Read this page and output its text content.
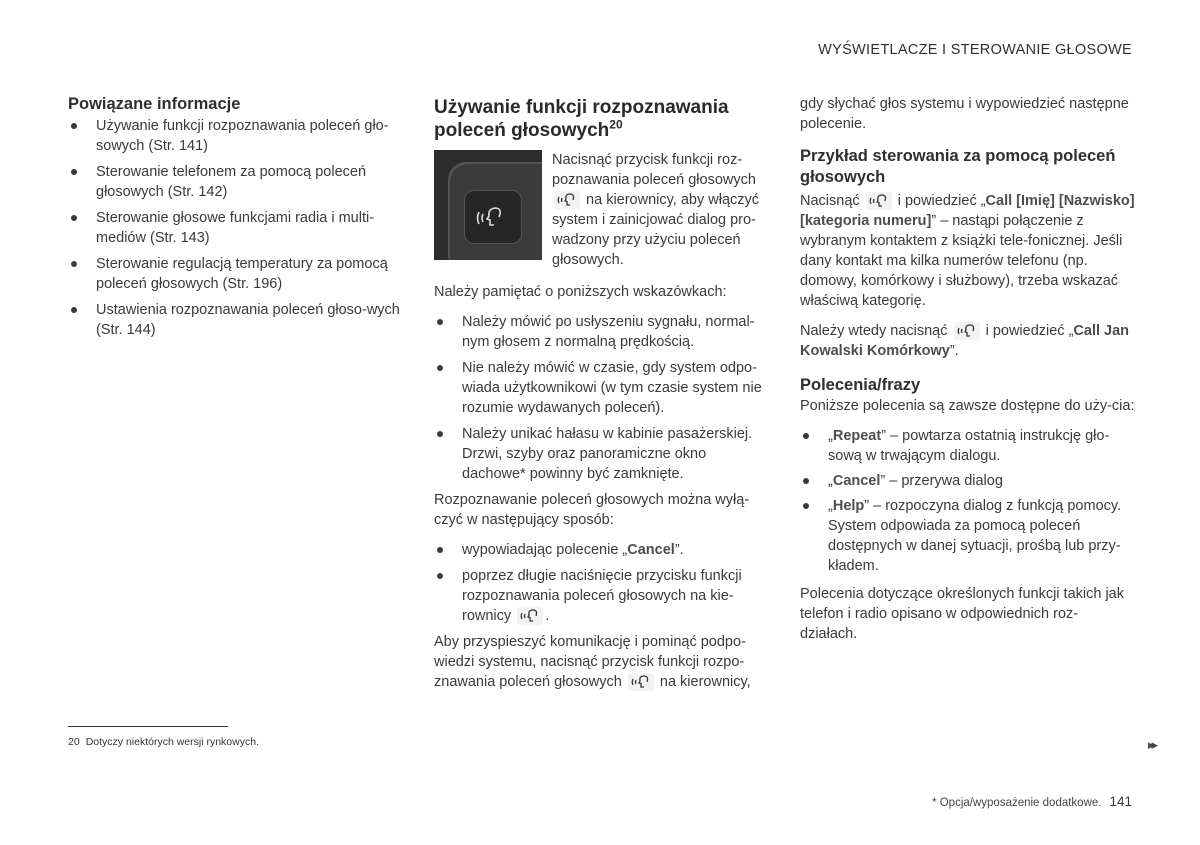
WYŚWIETLACZE I STEROWANIE GŁOSOWE
Powiązane informacje
Używanie funkcji rozpoznawania poleceń gło-sowych (Str. 141)
Sterowanie telefonem za pomocą poleceń głosowych (Str. 142)
Sterowanie głosowe funkcjami radia i multi-mediów (Str. 143)
Sterowanie regulacją temperatury za pomocą poleceń głosowych (Str. 196)
Ustawienia rozpoznawania poleceń głoso-wych (Str. 144)
Używanie funkcji rozpoznawania poleceń głosowych$^{20}$

Nacisnąć przycisk funkcji roz-poznawania poleceń głosowych
na kierownicy, aby włączyć system i zainicjować dialog pro-wadzony przy użyciu poleceń głosowych.

Należy pamiętać o poniższych wskazówkach:

Należy mówić po usłyszeniu sygnału, normal-nym głosem z normalną prędkością.
Nie należy mówić w czasie, gdy system odpo-wiada użytkownikowi (w tym czasie system nie rozumie wydawanych poleceń).
Należy unikać hałasu w kabinie pasażerskiej. Drzwi, szyby oraz panoramiczne okno dachowe* powinny być zamknięte.

Rozpoznawanie poleceń głosowych można wyłą-czyć w następujący sposób:

wypowiadając polecenie „Cancel”.
poprzez długie naciśnięcie przycisku funkcji rozpoznawania poleceń głosowych na kie-rownicy .

Aby przyspieszyć komunikację i pominąć podpo-wiedzi systemu, nacisnąć przycisk funkcji rozpo-znawania poleceń głosowych	na kierownicy,

gdy słychać głos systemu i wypowiedzieć następne polecenie.

Przykład sterowania za pomocą poleceń głosowych

Nacisnąć	i powiedzieć „Call [Imię] [Nazwisko] [kategoria numeru]” – nastąpi połączenie z wybranym kontaktem z książki tele-fonicznej. Jeśli dany kontakt ma kilka numerów telefonu (np. domowy, komórkowy i służbowy), trzeba wskazać właściwą kategorię.

Należy wtedy nacisnąć	i powiedzieć „Call Jan Kowalski Komórkowy”.

Polecenia/frazy

Poniższe polecenia są zawsze dostępne do uży-cia:

„Repeat” – powtarza ostatnią instrukcję gło-sową w trwającym dialogu.
„Cancel” – przerywa dialog
„Help” – rozpoczyna dialog z funkcją pomocy. System odpowiada za pomocą poleceń dostępnych w danej sytuacji, prośbą lub przy-kładem.

Polecenia dotyczące określonych funkcji takich jak telefon i radio opisano w odpowiednich roz-działach.

20 Dotyczy niektórych wersji rynkowych.	▸▸
* Opcja/wyposażenie dodatkowe. 141
